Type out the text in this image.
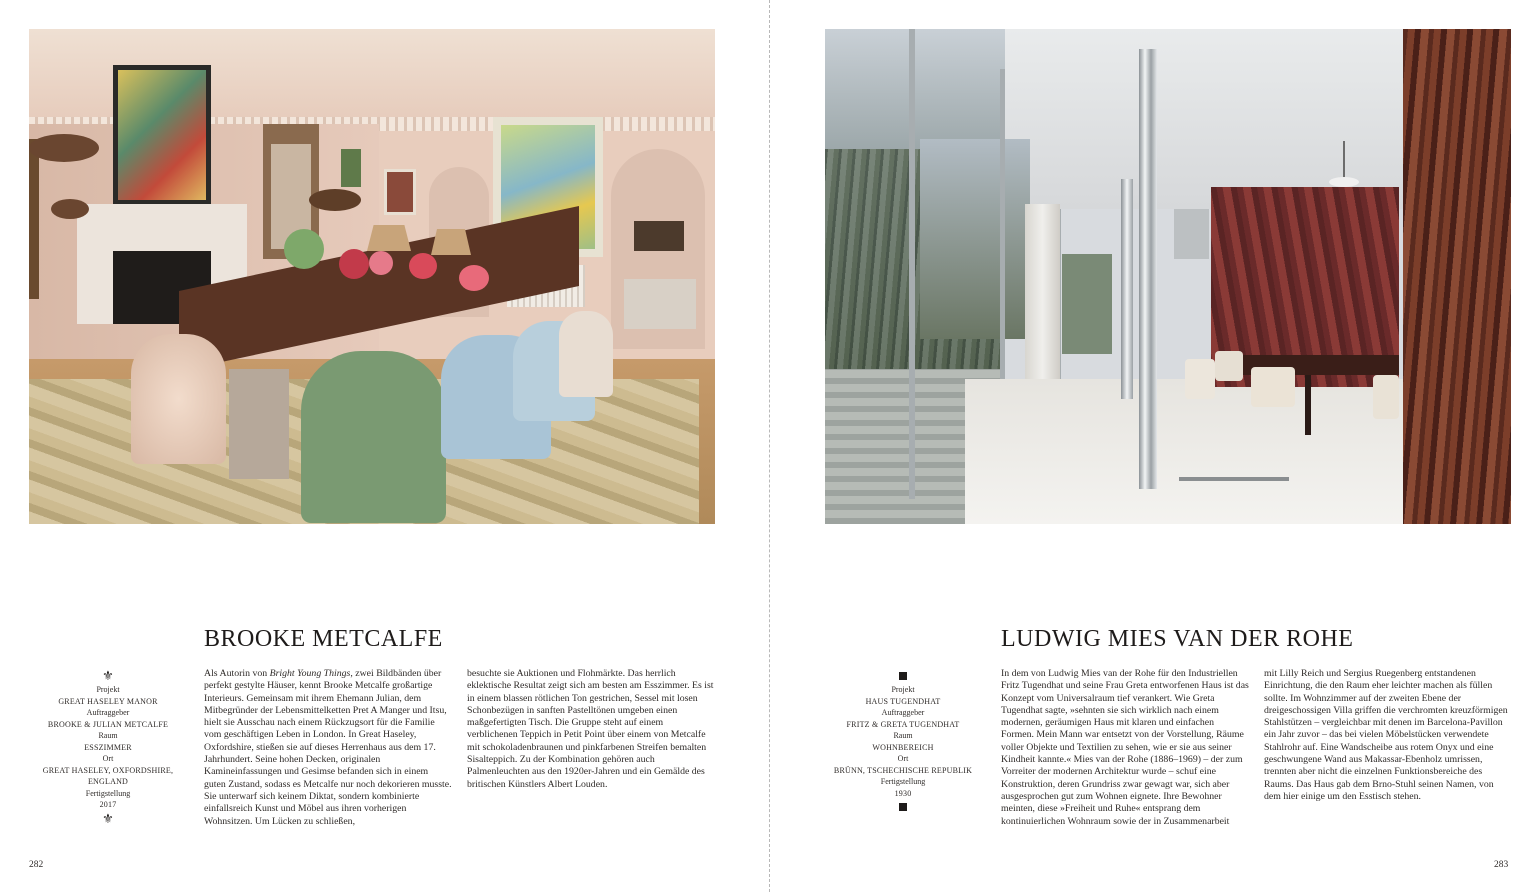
BROOKE METCALFE
⚜
Projekt
GREAT HASELEY MANOR
Auftraggeber
BROOKE & JULIAN METCALFE
Raum
ESSZIMMER
Ort
GREAT HASELEY, OXFORDSHIRE, ENGLAND
Fertigstellung
2017
⚜

Als Autorin von Bright Young Things, zwei Bildbänden über perfekt gestylte Häuser, kennt Brooke Metcalfe großartige Interieurs. Gemeinsam mit ihrem Ehemann Julian, dem Mitbegründer der Lebensmittelketten Pret A Manger und Itsu, hielt sie Ausschau nach einem Rückzugsort für die Familie vom geschäftigen Leben in London. In Great Haseley, Oxfordshire, stießen sie auf dieses Herrenhaus aus dem 17. Jahrhundert. Seine hohen Decken, originalen Kamineinfassungen und Gesimse befanden sich in einem guten Zustand, sodass es Metcalfe nur noch dekorieren musste. Sie unterwarf sich keinem Diktat, sondern kombinierte einfallsreich Kunst und Möbel aus ihren vorherigen Wohnsitzen. Um Lücken zu schließen,

besuchte sie Auktionen und Flohmärkte. Das herrlich eklektische Resultat zeigt sich am besten am Esszimmer. Es ist in einem blassen rötlichen Ton gestrichen, Sessel mit losen Schonbezügen in sanften Pastelltönen umgeben einen maßgefertigten Tisch. Die Gruppe steht auf einem verblichenen Teppich in Petit Point über einem von Metcalfe mit schokoladenbraunen und pinkfarbenen Streifen bemalten Sisalteppich. Zu der Kombination gehören auch Palmenleuchten aus den 1920er-Jahren und ein Gemälde des britischen Künstlers Albert Louden.

282
LUDWIG MIES VAN DER ROHE
Projekt
HAUS TUGENDHAT
Auftraggeber
FRITZ & GRETA TUGENDHAT
Raum
WOHNBEREICH
Ort
BRÜNN, TSCHECHISCHE REPUBLIK
Fertigstellung
1930

In dem von Ludwig Mies van der Rohe für den Industriellen Fritz Tugendhat und seine Frau Greta entworfenen Haus ist das Konzept vom Universalraum tief verankert. Wie Greta Tugendhat sagte, »sehnten sie sich wirklich nach einem modernen, geräumigen Haus mit klaren und einfachen Formen. Mein Mann war entsetzt von der Vorstellung, Räume voller Objekte und Textilien zu sehen, wie er sie aus seiner Kindheit kannte.« Mies van der Rohe (1886–1969) – der zum Vorreiter der modernen Architektur wurde – schuf eine Konstruktion, deren Grundriss zwar gewagt war, sich aber ausgesprochen gut zum Wohnen eignete. Ihre Bewohner meinten, diese »Freiheit und Ruhe« entsprang dem kontinuierlichen Wohnraum sowie der in Zusammenarbeit

mit Lilly Reich und Sergius Ruegenberg entstandenen Einrichtung, die den Raum eher leichter machen als füllen sollte. Im Wohnzimmer auf der zweiten Ebene der dreigeschossigen Villa griffen die verchromten kreuzförmigen Stahlstützen – vergleichbar mit denen im Barcelona-Pavillon ein Jahr zuvor – das bei vielen Möbelstücken verwendete Stahlrohr auf. Eine Wandscheibe aus rotem Onyx und eine geschwungene Wand aus Makassar-Ebenholz umrissen, trennten aber nicht die einzelnen Funktionsbereiche des Raums. Das Haus gab dem Brno-Stuhl seinen Namen, von dem hier einige um den Esstisch stehen.

283
